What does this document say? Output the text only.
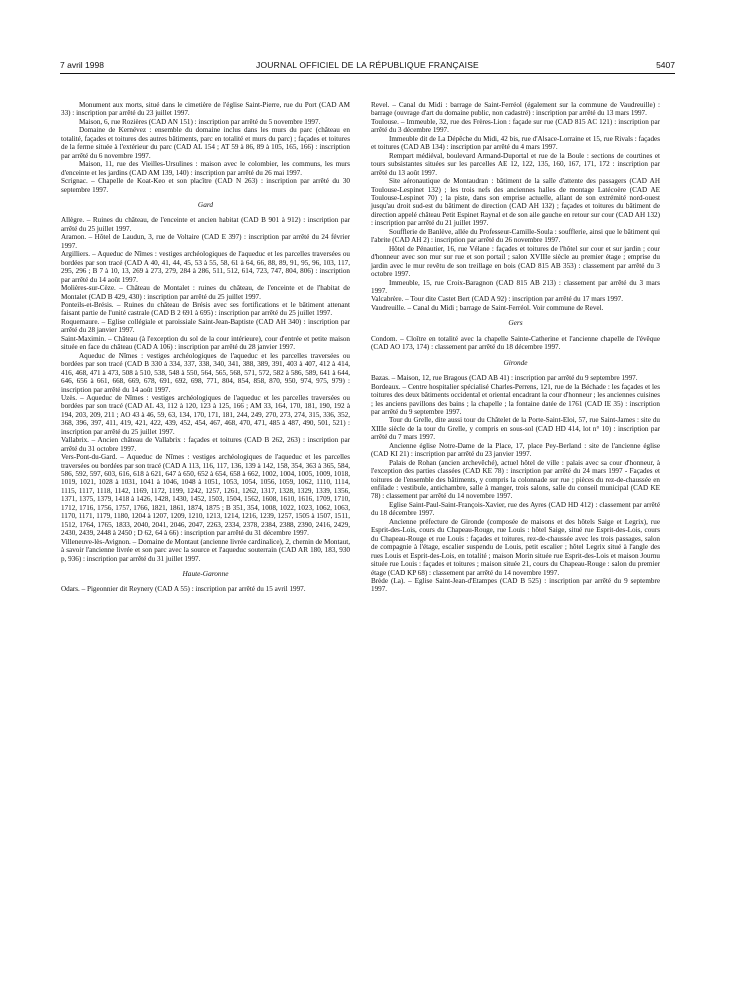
7 avril 1998	JOURNAL OFFICIEL DE LA RÉPUBLIQUE FRANÇAISE	5407

Monument aux morts, situé dans le cimetière de l'église Saint-Pierre, rue du Port (CAD AM 33) : inscription par arrêté du 23 juillet 1997.

Maison, 6, rue Rozières (CAD AN 151) : inscription par arrêté du 5 novembre 1997.

Domaine de Kernévez : ensemble du domaine inclus dans les murs du parc (château en totalité, façades et toitures des autres bâtiments, parc en totalité et murs du parc) ; façades et toitures de la ferme située à l'extérieur du parc (CAD AL 154 ; AT 59 à 86, 89 à 105, 165, 166) : inscription par arrêté du 6 novembre 1997.

Maison, 11, rue des Vieilles-Ursulines : maison avec le colombier, les communs, les murs d'enceinte et les jardins (CAD AM 139, 140) : inscription par arrêté du 26 mai 1997.

Scrignac. – Chapelle de Koat-Keo et son placître (CAD N 263) : inscription par arrêté du 30 septembre 1997.

Gard

Allègre. – Ruines du château, de l'enceinte et ancien habitat (CAD B 901 à 912) : inscription par arrêté du 25 juillet 1997.

Aramon. – Hôtel de Laudun, 3, rue de Voltaire (CAD E 397) : inscription par arrêté du 24 février 1997.

Argilliers. – Aqueduc de Nîmes : vestiges archéologiques de l'aqueduc et les parcelles traversées ou bordées par son tracé (CAD A 40, 41, 44, 45, 53 à 55, 58, 61 à 64, 66, 88, 89, 91, 95, 96, 103, 117, 295, 296 ; B 7 à 10, 13, 269 à 273, 279, 284 à 286, 511, 512, 614, 723, 747, 804, 806) : inscription par arrêté du 14 août 1997.

Molières-sur-Cèze. – Château de Montalet : ruines du château, de l'enceinte et de l'habitat de Montalet (CAD B 429, 430) : inscription par arrêté du 25 juillet 1997.

Ponteils-et-Brésis. – Ruines du château de Brésis avec ses fortifications et le bâtiment attenant faisant partie de l'unité castrale (CAD B 2 691 à 695) : inscription par arrêté du 25 juillet 1997.

Roquemaure. – Eglise collégiale et paroissiale Saint-Jean-Baptiste (CAD AH 340) : inscription par arrêté du 28 janvier 1997.

Saint-Maximin. – Château (à l'exception du sol de la cour intérieure), cour d'entrée et petite maison située en face du château (CAD A 106) : inscription par arrêté du 28 janvier 1997.

Aqueduc de Nîmes : vestiges archéologiques de l'aqueduc et les parcelles traversées ou bordées par son tracé (CAD B 330 à 334, 337, 338, 340, 341, 388, 389, 391, 403 à 407, 412 à 414, 416, 468, 471 à 473, 508 à 510, 538, 548 à 550, 564, 565, 568, 571, 572, 582 à 586, 589, 641 à 644, 646, 656 à 661, 668, 669, 678, 691, 692, 698, 771, 804, 854, 858, 870, 950, 974, 975, 979) : inscription par arrêté du 14 août 1997.

Uzès. – Aqueduc de Nîmes : vestiges archéologiques de l'aqueduc et les parcelles traversées ou bordées par son tracé (CAD AL 43, 112 à 120, 123 à 125, 166 ; AM 33, 164, 170, 181, 190, 192 à 194, 203, 209, 211 ; AO 43 à 46, 59, 63, 134, 170, 171, 181, 244, 249, 270, 273, 274, 315, 336, 352, 368, 396, 397, 411, 419, 421, 422, 439, 452, 454, 467, 468, 470, 471, 485 à 487, 490, 501, 521) : inscription par arrêté du 25 juillet 1997.

Vallabrix. – Ancien château de Vallabrix : façades et toitures (CAD B 262, 263) : inscription par arrêté du 31 octobre 1997.

Vers-Pont-du-Gard. – Aqueduc de Nîmes : vestiges archéologiques de l'aqueduc et les parcelles traversées ou bordées par son tracé (CAD A 113, 116, 117, 136, 139 à 142, 158, 354, 363 à 365, 584, 586, 592, 597, 603, 616, 618 à 621, 647 à 650, 652 à 654, 658 à 662, 1002, 1004, 1005, 1009, 1018, 1019, 1021, 1028 à 1031, 1041 à 1046, 1048 à 1051, 1053, 1054, 1056, 1059, 1062, 1110, 1114, 1115, 1117, 1118, 1142, 1169, 1172, 1199, 1242, 1257, 1261, 1262, 1317, 1328, 1329, 1339, 1356, 1371, 1375, 1379, 1418 à 1426, 1428, 1430, 1452, 1503, 1504, 1562, 1608, 1610, 1616, 1709, 1710, 1712, 1716, 1756, 1757, 1766, 1821, 1861, 1874, 1875 ; B 351, 354, 1008, 1022, 1023, 1062, 1063, 1170, 1171, 1179, 1180, 1204 à 1207, 1209, 1210, 1213, 1214, 1216, 1239, 1257, 1505 à 1507, 1511, 1512, 1764, 1765, 1833, 2040, 2041, 2046, 2047, 2263, 2334, 2378, 2384, 2388, 2390, 2416, 2429, 2430, 2439, 2448 à 2450 ; D 62, 64 à 66) : inscription par arrêté du 31 décembre 1997.

Villeneuve-lès-Avignon. – Domaine de Montaut (ancienne livrée cardinalice), 2, chemin de Montaut, à savoir l'ancienne livrée et son parc avec la source et l'aqueduc souterrain (CAD AR 180, 183, 930 p, 936) : inscription par arrêté du 31 juillet 1997.

Haute-Garonne

Odars. – Pigeonnier dit Reynery (CAD A 55) : inscription par arrêté du 15 avril 1997.

Revel. – Canal du Midi : barrage de Saint-Ferréol (également sur la commune de Vaudreuille) : barrage (ouvrage d'art du domaine public, non cadastré) : inscription par arrêté du 13 mars 1997.

Toulouse. – Immeuble, 32, rue des Frères-Lion : façade sur rue (CAD 815 AC 121) : inscription par arrêté du 3 décembre 1997.

Immeuble dit de La Dépêche du Midi, 42 bis, rue d'Alsace-Lorraine et 15, rue Rivals : façades et toitures (CAD AB 134) : inscription par arrêté du 4 mars 1997.

Rempart médiéval, boulevard Armand-Duportal et rue de la Boule : sections de courtines et tours subsistantes situées sur les parcelles AE 12, 122, 135, 160, 167, 171, 172 : inscription par arrêté du 13 août 1997.

Site aéronautique de Montaudran : bâtiment de la salle d'attente des passagers (CAD AH Toulouse-Lespinet 132) ; les trois nefs des anciennes halles de montage Latécoère (CAD AE Toulouse-Lespinet 70) ; la piste, dans son emprise actuelle, allant de son extrémité nord-ouest jusqu'au droit sud-est du bâtiment de direction (CAD AH 132) ; façades et toitures du bâtiment de direction appelé château Petit Espinet Raynal et de son aile gauche en retour sur cour (CAD AH 132) : inscription par arrêté du 21 juillet 1997.

Soufflerie de Banlève, allée du Professeur-Camille-Soula : soufflerie, ainsi que le bâtiment qui l'abrite (CAD AH 2) : inscription par arrêté du 26 novembre 1997.

Hôtel de Pénautier, 16, rue Vélane : façades et toitures de l'hôtel sur cour et sur jardin ; cour d'honneur avec son mur sur rue et son portail ; salon XVIIIe siècle au premier étage ; emprise du jardin avec le mur revêtu de son treillage en bois (CAD 815 AB 353) : classement par arrêté du 3 octobre 1997.

Immeuble, 15, rue Croix-Baragnon (CAD 815 AB 213) : classement par arrêté du 3 mars 1997.

Valcabrère. – Tour dite Castet Bert (CAD A 92) : inscription par arrêté du 17 mars 1997.

Vaudreuille. – Canal du Midi ; barrage de Saint-Ferréol. Voir commune de Revel.

Gers

Condom. – Cloître en totalité avec la chapelle Sainte-Catherine et l'ancienne chapelle de l'évêque (CAD AO 173, 174) : classement par arrêté du 18 décembre 1997.

Gironde

Bazas. – Maison, 12, rue Bragous (CAD AB 41) : inscription par arrêté du 9 septembre 1997.

Bordeaux. – Centre hospitalier spécialisé Charles-Perrens, 121, rue de la Béchade : les façades et les toitures des deux bâtiments occidental et oriental encadrant la cour d'honneur ; les anciennes cuisines ; les anciens pavillons des bains ; la chapelle ; la fontaine datée de 1761 (CAD IE 35) : inscription par arrêté du 9 septembre 1997.

Tour du Grelle, dite aussi tour du Châtelet de la Porte-Saint-Eloi, 57, rue Saint-James : site du XIIIe siècle de la tour du Grelle, y compris en sous-sol (CAD HD 414, lot n° 10) : inscription par arrêté du 7 mars 1997.

Ancienne église Notre-Dame de la Place, 17, place Pey-Berland : site de l'ancienne église (CAD KI 21) : inscription par arrêté du 23 janvier 1997.

Palais de Rohan (ancien archevêché), actuel hôtel de ville : palais avec sa cour d'honneur, à l'exception des parties classées (CAD KE 78) : inscription par arrêté du 24 mars 1997 - Façades et toitures de l'ensemble des bâtiments, y compris la colonnade sur rue ; pièces du rez-de-chaussée en enfilade : vestibule, antichambre, salle à manger, trois salons, salle du conseil municipal (CAD KE 78) : classement par arrêté du 14 novembre 1997.

Eglise Saint-Paul-Saint-François-Xavier, rue des Ayres (CAD HD 412) : classement par arrêté du 18 décembre 1997.

Ancienne préfecture de Gironde (composée de maisons et des hôtels Saige et Legrix), rue Esprit-des-Lois, cours du Chapeau-Rouge, rue Louis : hôtel Saige, situé rue Esprit-des-Lois, cours du Chapeau-Rouge et rue Louis : façades et toitures, rez-de-chaussée avec les trois passages, salon de compagnie à l'étage, escalier suspendu de Louis, petit escalier ; hôtel Legrix situé à l'angle des rues Louis et Esprit-des-Lois, en totalité ; maison Morin située rue Esprit-des-Lois et maison Journu située rue Louis : façades et toitures ; maison située 21, cours du Chapeau-Rouge : salon du premier étage (CAD KP 68) : classement par arrêté du 14 novembre 1997.

Brède (La). – Eglise Saint-Jean-d'Etampes (CAD B 525) : inscription par arrêté du 9 septembre 1997.
